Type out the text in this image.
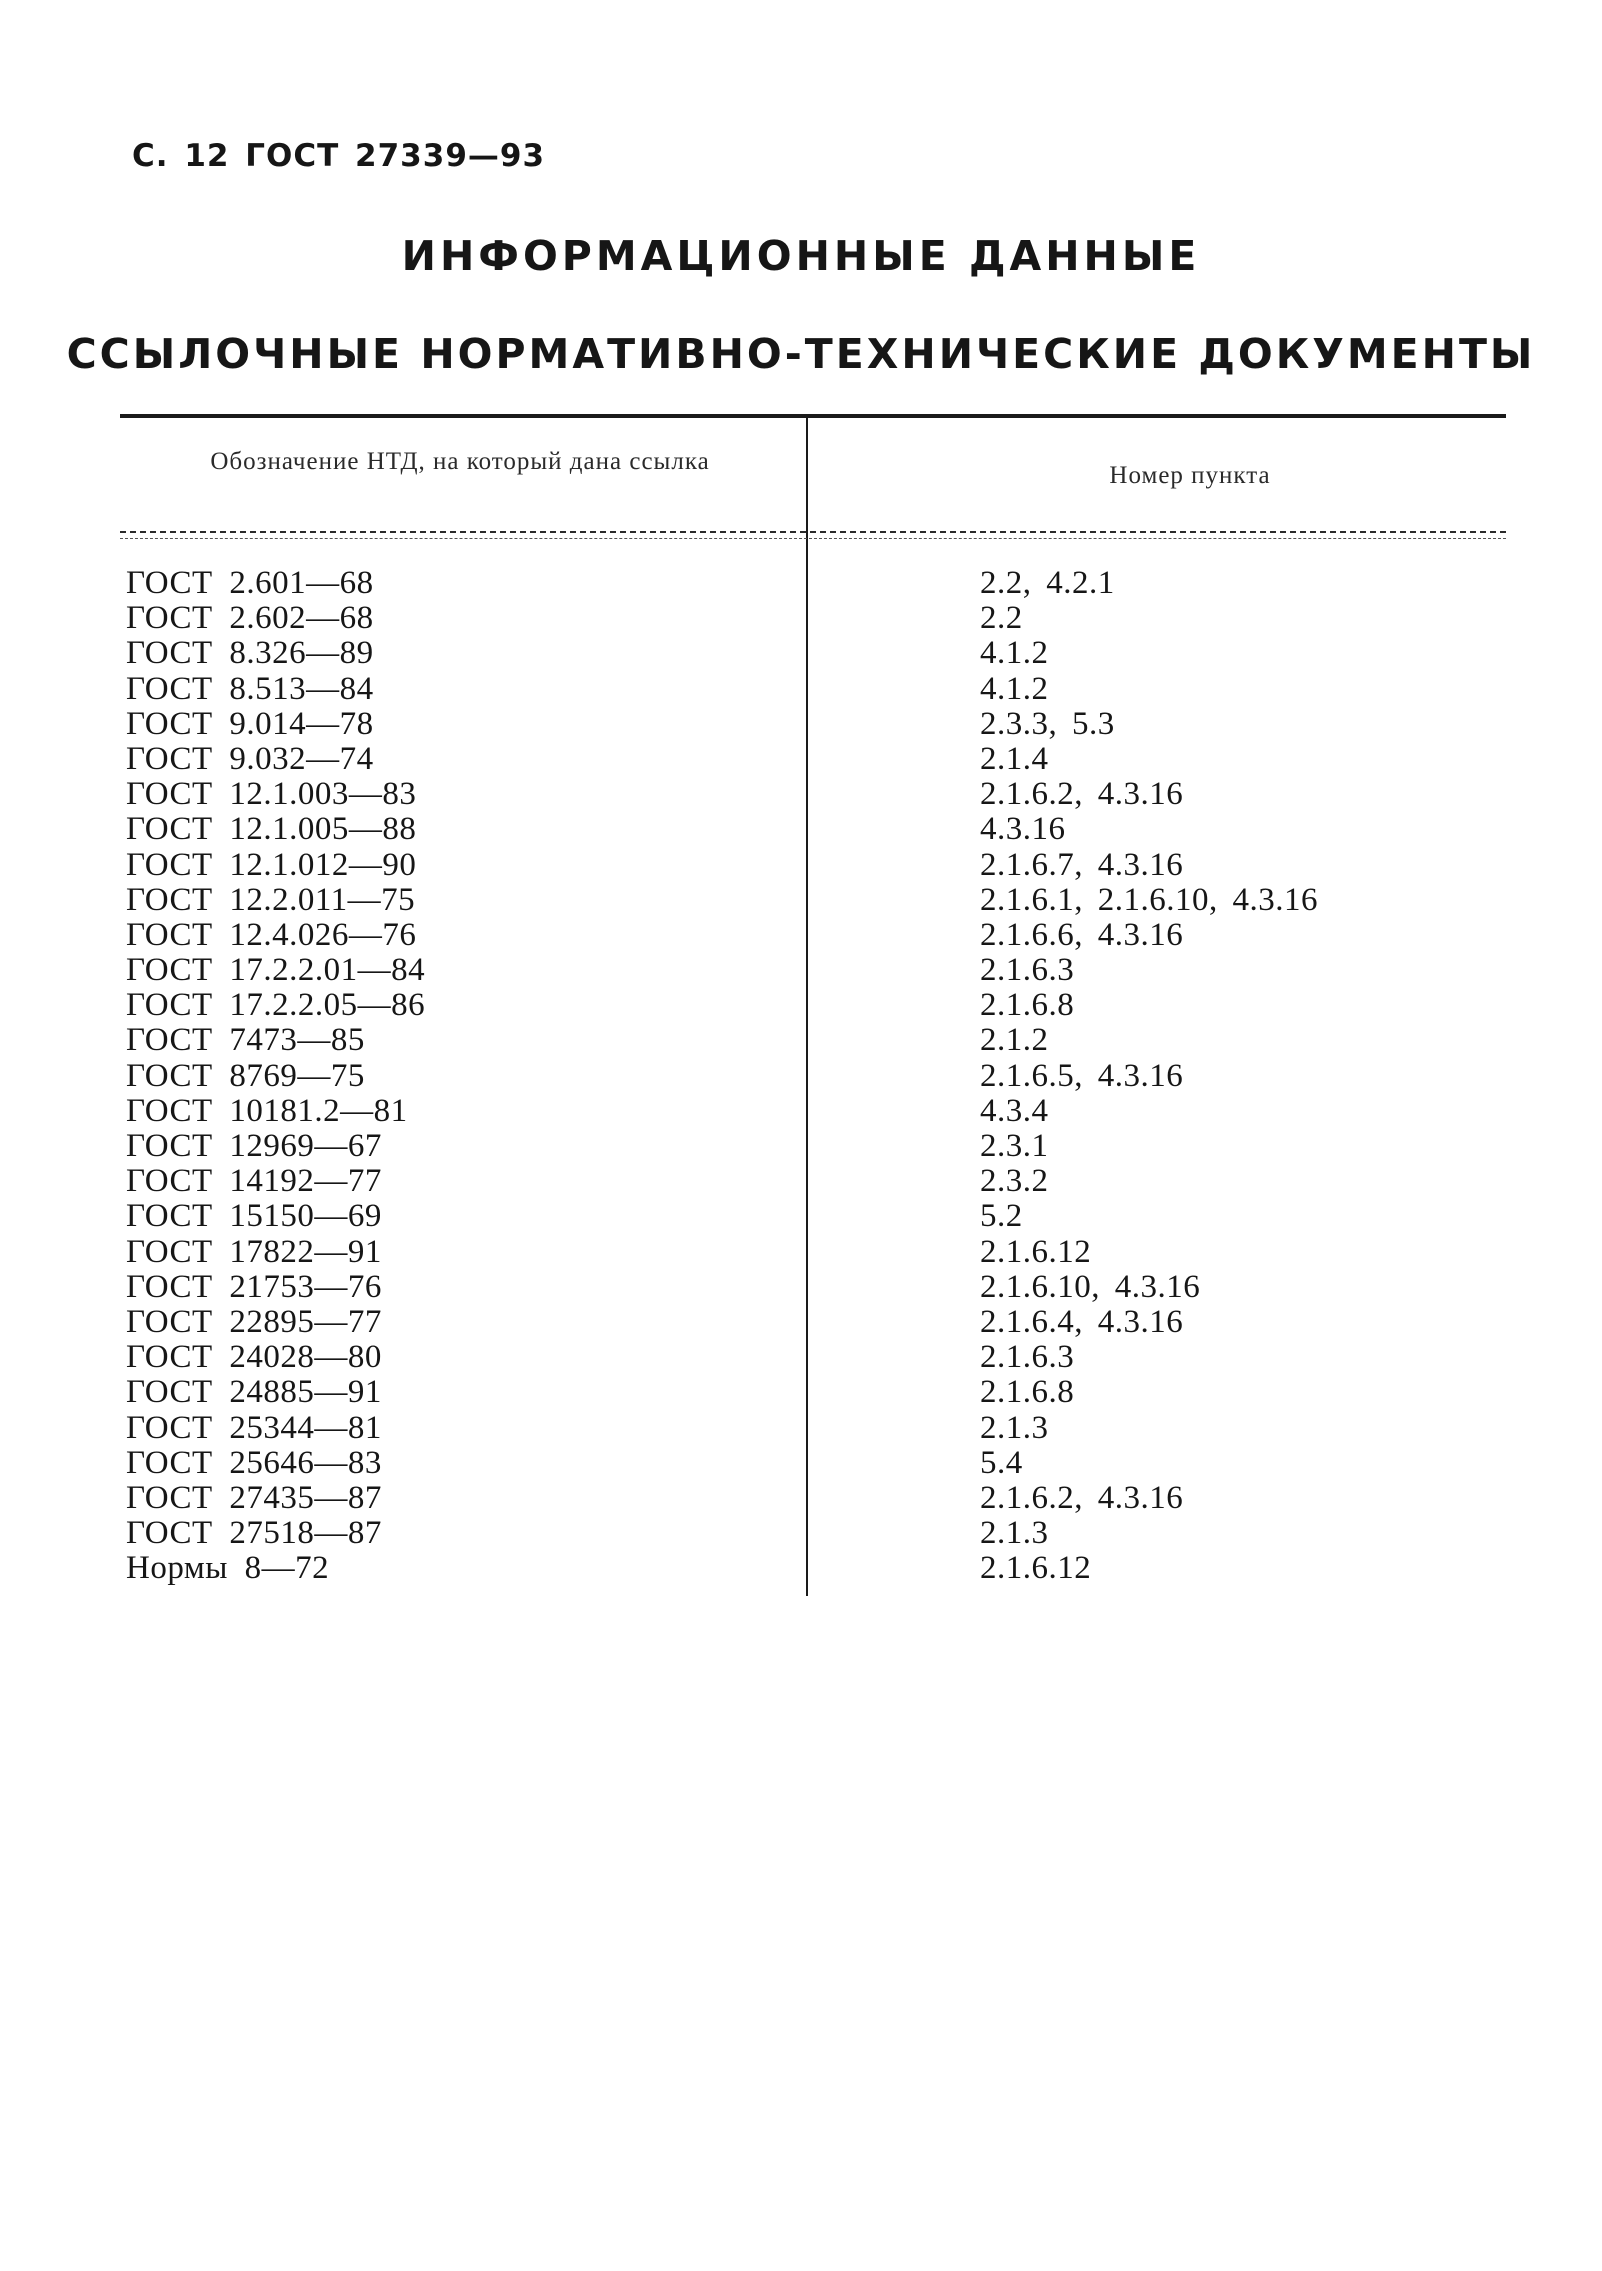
С. 12 ГОСТ 27339—93
ИНФОРМАЦИОННЫЕ ДАННЫЕ
ССЫЛОЧНЫЕ НОРМАТИВНО-ТЕХНИЧЕСКИЕ ДОКУМЕНТЫ
Обозначение НТД, на который дана ссылка
Номер пункта
ГОСТ 2.601—68	2.2, 4.2.1
ГОСТ 2.602—68	2.2
ГОСТ 8.326—89	4.1.2
ГОСТ 8.513—84	4.1.2
ГОСТ 9.014—78	2.3.3, 5.3
ГОСТ 9.032—74	2.1.4
ГОСТ 12.1.003—83	2.1.6.2, 4.3.16
ГОСТ 12.1.005—88	4.3.16
ГОСТ 12.1.012—90	2.1.6.7, 4.3.16
ГОСТ 12.2.011—75	2.1.6.1, 2.1.6.10, 4.3.16
ГОСТ 12.4.026—76	2.1.6.6, 4.3.16
ГОСТ 17.2.2.01—84	2.1.6.3
ГОСТ 17.2.2.05—86	2.1.6.8
ГОСТ 7473—85	2.1.2
ГОСТ 8769—75	2.1.6.5, 4.3.16
ГОСТ 10181.2—81	4.3.4
ГОСТ 12969—67	2.3.1
ГОСТ 14192—77	2.3.2
ГОСТ 15150—69	5.2
ГОСТ 17822—91	2.1.6.12
ГОСТ 21753—76	2.1.6.10, 4.3.16
ГОСТ 22895—77	2.1.6.4, 4.3.16
ГОСТ 24028—80	2.1.6.3
ГОСТ 24885—91	2.1.6.8
ГОСТ 25344—81	2.1.3
ГОСТ 25646—83	5.4
ГОСТ 27435—87	2.1.6.2, 4.3.16
ГОСТ 27518—87	2.1.3
Нормы 8—72	2.1.6.12
